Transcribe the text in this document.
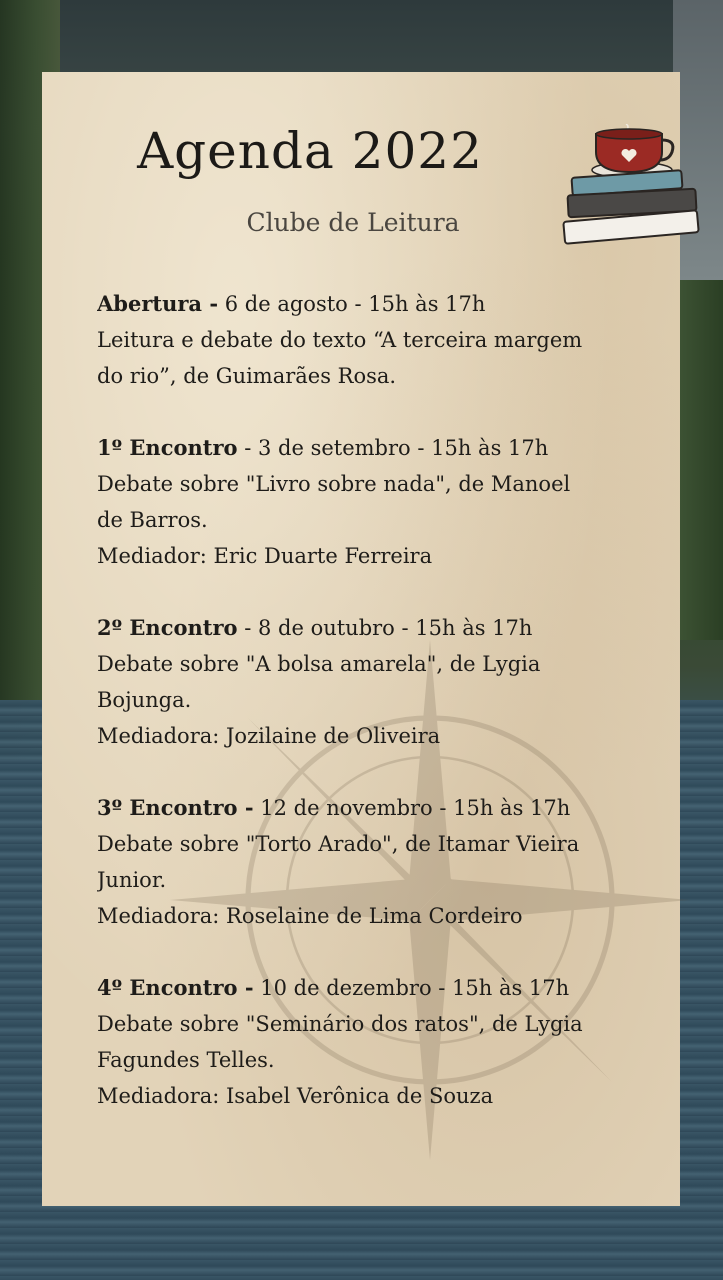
Agenda 2022
Clube de Leitura
Abertura - 6 de agosto - 15h às 17h
Leitura e debate do texto “A terceira margem
do rio”, de Guimarães Rosa.
1º Encontro - 3 de setembro - 15h às 17h
Debate sobre "Livro sobre nada", de Manoel
de Barros.
Mediador: Eric Duarte Ferreira
2º Encontro - 8 de outubro - 15h às 17h
Debate sobre "A bolsa amarela", de Lygia
Bojunga.
Mediadora: Jozilaine de Oliveira
3º Encontro - 12 de novembro - 15h às 17h
Debate sobre "Torto Arado", de Itamar Vieira
Junior.
Mediadora: Roselaine de Lima Cordeiro
4º Encontro - 10 de dezembro - 15h às 17h
Debate sobre "Seminário dos ratos", de Lygia
Fagundes Telles.
Mediadora: Isabel Verônica de Souza
